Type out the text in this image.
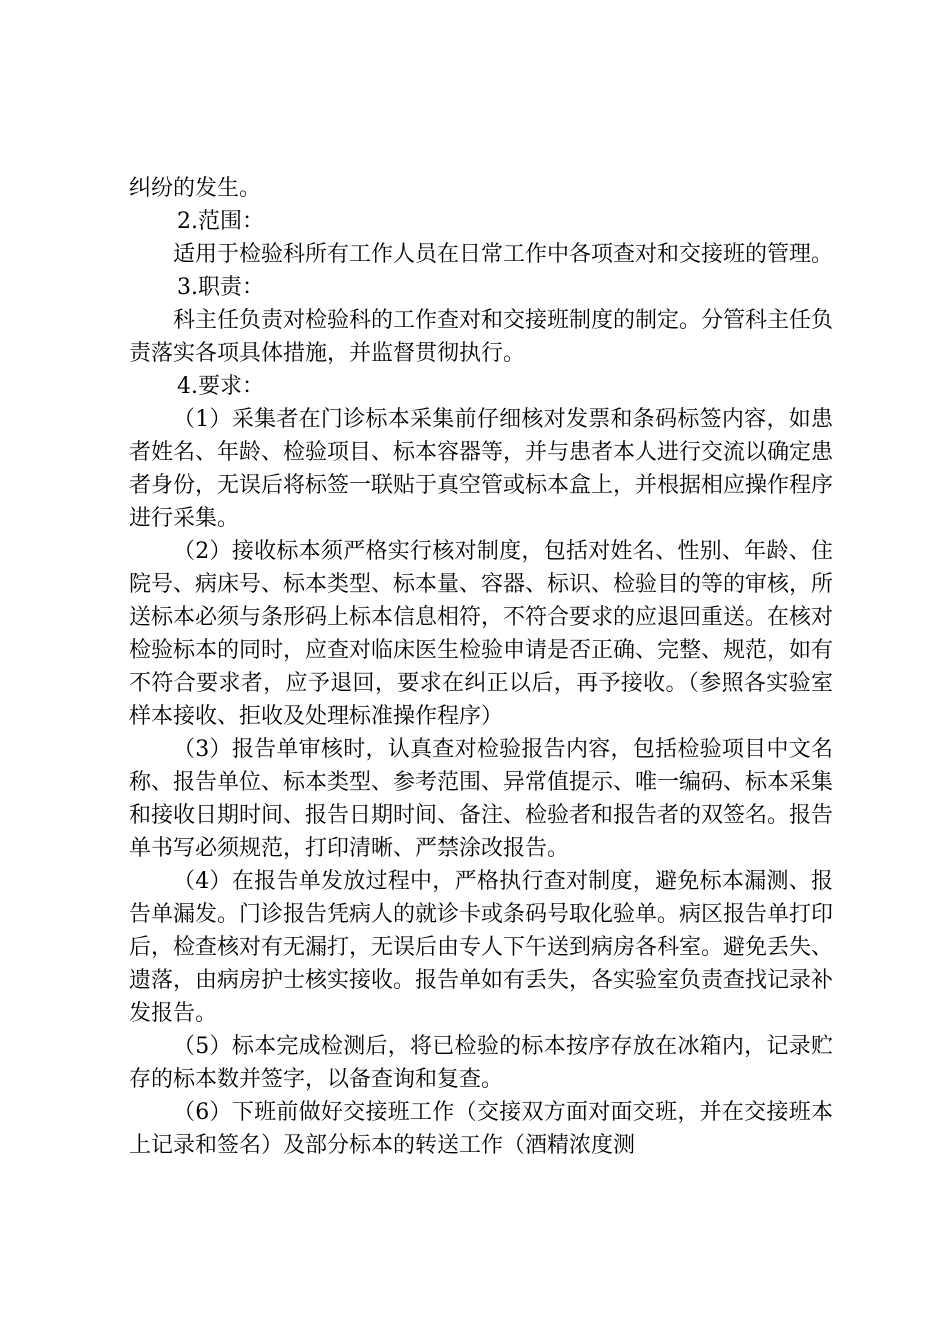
纠纷的发生。

2.范围：

适用于检验科所有工作人员在日常工作中各项查对和交接班的管理。

3.职责：

科主任负责对检验科的工作查对和交接班制度的制定。分管科主任负责落实各项具体措施，并监督贯彻执行。

4.要求：

（1）采集者在门诊标本采集前仔细核对发票和条码标签内容，如患者姓名、年龄、检验项目、标本容器等，并与患者本人进行交流以确定患者身份，无误后将标签一联贴于真空管或标本盒上，并根据相应操作程序进行采集。

（2）接收标本须严格实行核对制度，包括对姓名、性别、年龄、住院号、病床号、标本类型、标本量、容器、标识、检验目的等的审核，所送标本必须与条形码上标本信息相符，不符合要求的应退回重送。在核对检验标本的同时，应查对临床医生检验申请是否正确、完整、规范，如有不符合要求者，应予退回，要求在纠正以后，再予接收。（参照各实验室样本接收、拒收及处理标准操作程序）

（3）报告单审核时，认真查对检验报告内容，包括检验项目中文名称、报告单位、标本类型、参考范围、异常值提示、唯一编码、标本采集和接收日期时间、报告日期时间、备注、检验者和报告者的双签名。报告单书写必须规范，打印清晰、严禁涂改报告。

（4）在报告单发放过程中，严格执行查对制度，避免标本漏测、报告单漏发。门诊报告凭病人的就诊卡或条码号取化验单。病区报告单打印后，检查核对有无漏打，无误后由专人下午送到病房各科室。避免丢失、遗落，由病房护士核实接收。报告单如有丢失，各实验室负责查找记录补发报告。

（5）标本完成检测后，将已检验的标本按序存放在冰箱内，记录贮存的标本数并签字，以备查询和复查。

（6）下班前做好交接班工作（交接双方面对面交班，并在交接班本上记录和签名）及部分标本的转送工作（酒精浓度测
